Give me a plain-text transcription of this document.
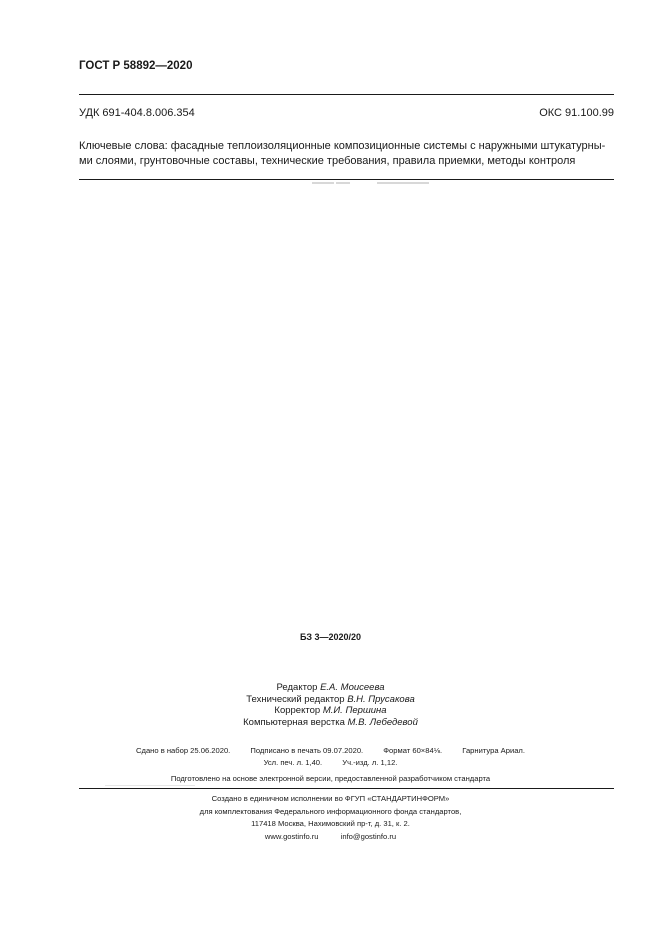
ГОСТ Р 58892—2020
УДК 691-404.8.006.354	ОКС 91.100.99
Ключевые слова: фасадные теплоизоляционные композиционные системы с наружными штукатурны-
ми слоями, грунтовочные составы, технические требования, правила приемки, методы контроля
БЗ 3—2020/20
Редактор Е.А. Моисеева
Технический редактор В.Н. Прусакова
Корректор М.И. Першина
Компьютерная верстка М.В. Лебедевой
Сдано в набор 25.06.2020.	Подписано в печать 09.07.2020.	Формат 60×84⅛.	Гарнитура Ариал.
Усл. печ. л. 1,40.	Уч.-изд. л. 1,12.
Подготовлено на основе электронной версии, предоставленной разработчиком стандарта
Создано в единичном исполнении во ФГУП «СТАНДАРТИНФОРМ»
для комплектования Федерального информационного фонда стандартов,
117418 Москва, Нахимовский пр-т, д. 31, к. 2.
www.gostinfo.ru	info@gostinfo.ru
